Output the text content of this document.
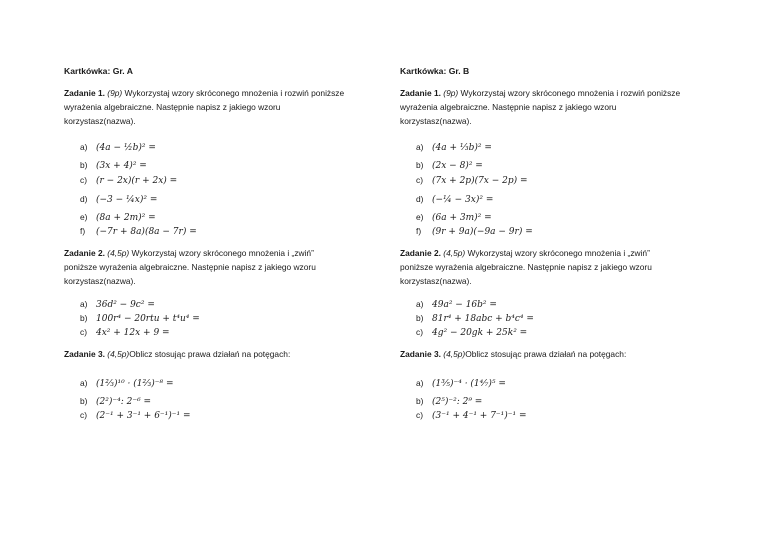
Kartkówka: Gr. A
Zadanie 1. (9p) Wykorzystaj wzory skróconego mnożenia i rozwiń poniższe wyrażenia algebraiczne. Następnie napisz z jakiego wzoru korzystasz(nazwa).
a) (4a − ½b)² =
b) (3x + 4)² =
c) (r − 2x)(r + 2x) =
d) (−3 − ¼x)² =
e) (8a + 2m)² =
f) (−7r + 8a)(8a − 7r) =
Zadanie 2. (4,5p) Wykorzystaj wzory skróconego mnożenia i „zwiń” poniższe wyrażenia algebraiczne. Następnie napisz z jakiego wzoru korzystasz(nazwa).
a) 36d² − 9c² =
b) 100r⁴ − 20rtu + t⁴u⁴ =
c) 4x² + 12x + 9 =
Zadanie 3. (4,5p)Oblicz stosując prawa działań na potęgach:
a) (1⅔)¹⁰ · (1⅔)⁻⁸ =
b) (2²)⁻⁴: 2⁻⁶ =
c) (2⁻¹ + 3⁻¹ + 6⁻¹)⁻¹ =
Kartkówka: Gr. B
Zadanie 1. (9p) Wykorzystaj wzory skróconego mnożenia i rozwiń poniższe wyrażenia algebraiczne. Następnie napisz z jakiego wzoru korzystasz(nazwa).
a) (4a + ⅓b)² =
b) (2x − 8)² =
c) (7x + 2p)(7x − 2p) =
d) (−¼ − 3x)² =
e) (6a + 3m)² =
f) (9r + 9a)(−9a − 9r) =
Zadanie 2. (4,5p) Wykorzystaj wzory skróconego mnożenia i „zwiń” poniższe wyrażenia algebraiczne. Następnie napisz z jakiego wzoru korzystasz(nazwa).
a) 49a² − 16b² =
b) 81r⁴ + 18abc + b⁴c⁴ =
c) 4g² − 20gk + 25k² =
Zadanie 3. (4,5p)Oblicz stosując prawa działań na potęgach:
a) (1⅗)⁻⁴ · (1⁴⁄₇)⁵ =
b) (2⁵)⁻²: 2⁹ =
c) (3⁻¹ + 4⁻¹ + 7⁻¹)⁻¹ =
